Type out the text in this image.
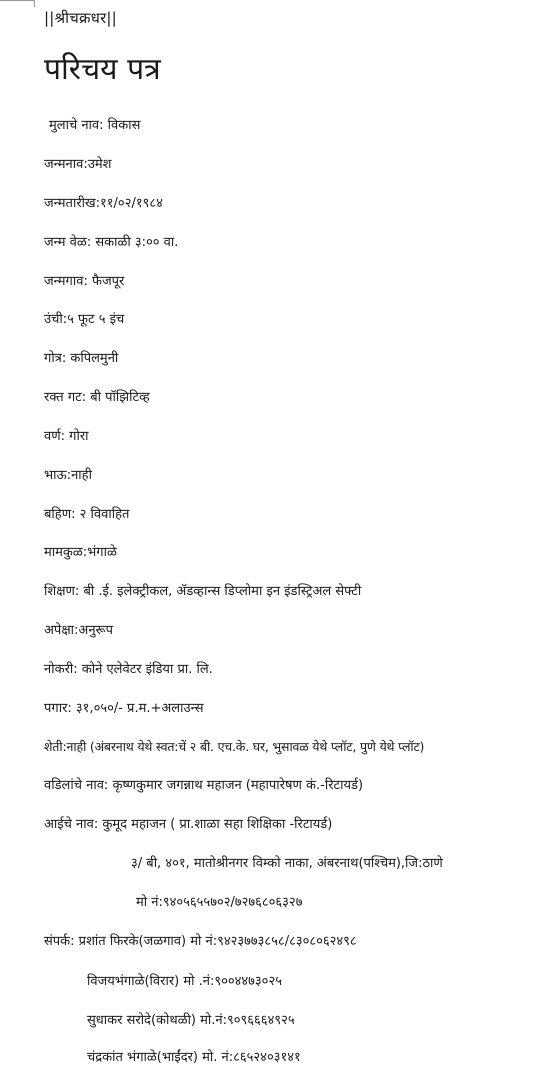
||श्रीचक्रधर||
परिचय पत्र
मुलाचे नाव: विकास
जन्मनाव:उमेश
जन्मतारीख:११/०२/१९८४
जन्म वेळ: सकाळी ३:०० वा.
जन्मगाव: फैजपूर
उंची:५ फूट ५ इंच
गोत्र: कपिलमुनी
रक्त गट: बी पॉझिटिव्ह
वर्ण: गोरा
भाऊ:नाही
बहिण: २ विवाहित
मामकुळ:भंगाळे
शिक्षण: बी .ई. इलेक्ट्रीकल, ॲडव्हान्स डिप्लोमा इन इंडस्ट्रिअल सेफ्टी
अपेक्षा:अनुरूप
नोकरी: कोने एलेवेटर इंडिया प्रा. लि.
पगार: ३१,०५०/- प्र.म.+अलाउन्स
शेती:नाही (अंबरनाथ येथे स्वत:चें २ बी. एच.के. घर, भुसावळ येथे प्लॉट, पुणे येथे प्लॉट)
वडिलांचे नाव: कृष्णकुमार जगन्नाथ महाजन (महापारेषण कं.-रिटायर्ड)
आईचे नाव: कुमूद महाजन ( प्रा.शाळा सहा शिक्षिका -रिटायर्ड)
३/ बी, ४०१, मातोश्रीनगर विम्को नाका, अंबरनाथ(पश्चिम),जि:ठाणे
मो नं:९४०५६५५७०२/७२७६८०६३२७
संपर्क: प्रशांत फिरके(जळगाव) मो नं:९४२३७७३८५८/८३०८०६२४९८
विजयभंगाळे(विरार) मो .नं:९००४४७३०२५
सुधाकर सरोदे(कोथळी) मो.नं:९०९६६६४९२५
चंद्रकांत भंगाळे(भाईंदर) मो. नं:८६५२४०३१४१
